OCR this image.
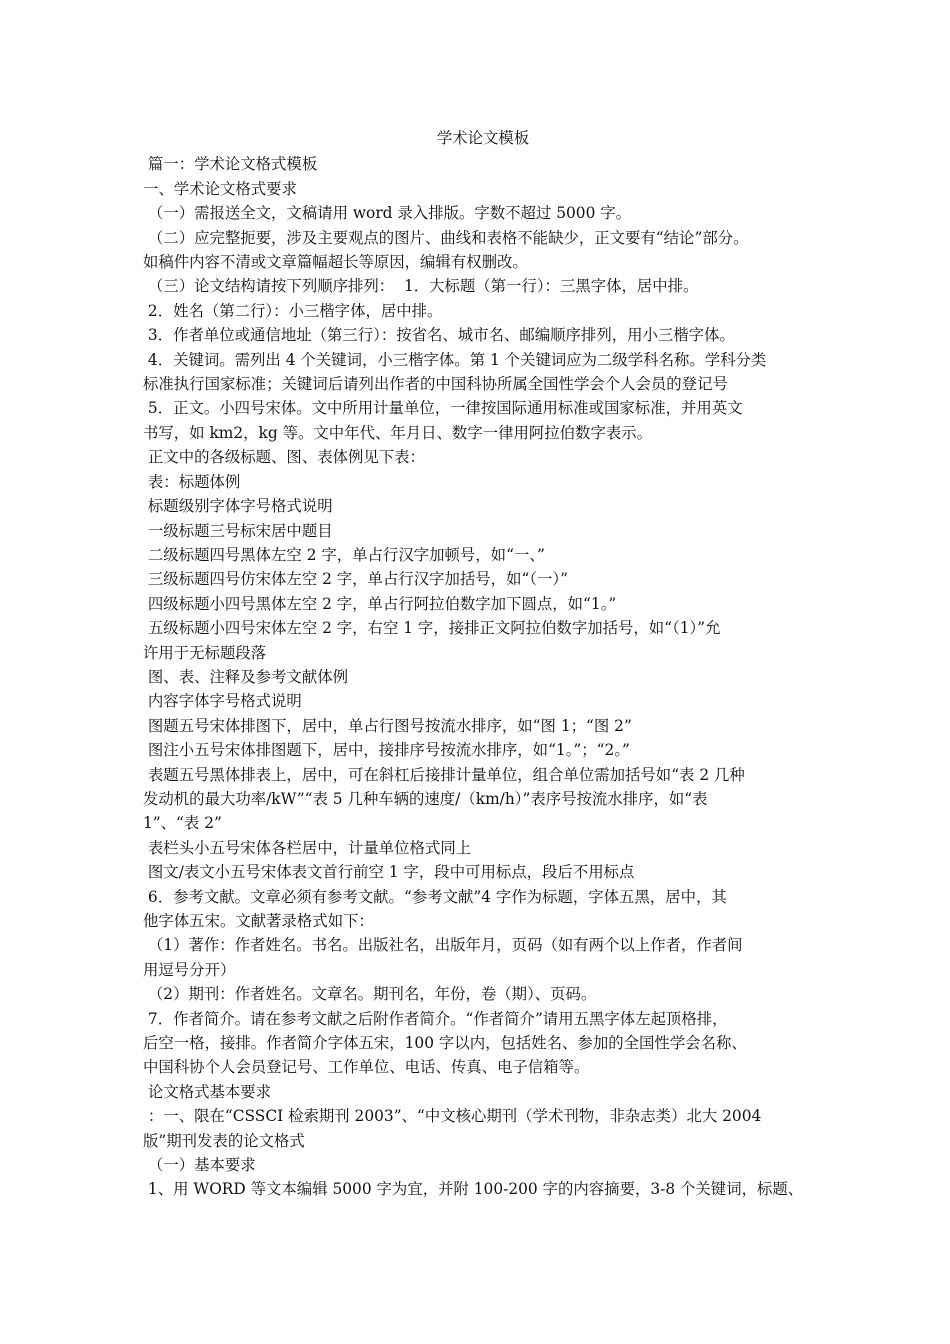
学术论文模板
篇一：学术论文格式模板
一、学术论文格式要求
（一）需报送全文，文稿请用 word 录入排版。字数不超过 5000 字。
（二）应完整扼要，涉及主要观点的图片、曲线和表格不能缺少，正文要有“结论”部分。
如稿件内容不清或文章篇幅超长等原因，编辑有权删改。
（三）论文结构请按下列顺序排列：  1．大标题（第一行）：三黑字体，居中排。
2．姓名（第二行）：小三楷字体，居中排。
3．作者单位或通信地址（第三行）：按省名、城市名、邮编顺序排列，用小三楷字体。
4．关键词。需列出 4 个关键词，小三楷字体。第 1 个关键词应为二级学科名称。学科分类
标准执行国家标准；关键词后请列出作者的中国科协所属全国性学会个人会员的登记号
5．正文。小四号宋体。文中所用计量单位，一律按国际通用标准或国家标准，并用英文
书写，如 km2，kg 等。文中年代、年月日、数字一律用阿拉伯数字表示。
正文中的各级标题、图、表体例见下表：
表：标题体例
标题级别字体字号格式说明
一级标题三号标宋居中题目
二级标题四号黑体左空 2 字，单占行汉字加顿号，如“一、”
三级标题四号仿宋体左空 2 字，单占行汉字加括号，如“（一）”
四级标题小四号黑体左空 2 字，单占行阿拉伯数字加下圆点，如“1。”
五级标题小四号宋体左空 2 字，右空 1 字，接排正文阿拉伯数字加括号，如“（1）”允
许用于无标题段落
图、表、注释及参考文献体例
内容字体字号格式说明
图题五号宋体排图下，居中，单占行图号按流水排序，如“图 1；“图 2”
图注小五号宋体排图题下，居中，接排序号按流水排序，如“1。”；“2。”
表题五号黑体排表上，居中，可在斜杠后接排计量单位，组合单位需加括号如“表 2 几种
发动机的最大功率/kW”“表 5 几种车辆的速度/（km/h）”表序号按流水排序，如“表
1”、“表 2”
表栏头小五号宋体各栏居中，计量单位格式同上
图文/表文小五号宋体表文首行前空 1 字，段中可用标点，段后不用标点
6．参考文献。文章必须有参考文献。“参考文献”4 字作为标题，字体五黑，居中，其
他字体五宋。文献著录格式如下：
（1）著作：作者姓名。书名。出版社名，出版年月，页码（如有两个以上作者，作者间
用逗号分开）
（2）期刊：作者姓名。文章名。期刊名，年份，卷（期）、页码。
7．作者简介。请在参考文献之后附作者简介。“作者简介”请用五黑字体左起顶格排，
后空一格，接排。作者简介字体五宋，100 字以内，包括姓名、参加的全国性学会名称、
中国科协个人会员登记号、工作单位、电话、传真、电子信箱等。
论文格式基本要求
：一、限在“CSSCI 检索期刊 2003”、“中文核心期刊（学术刊物，非杂志类）北大 2004
版”期刊发表的论文格式
（一）基本要求
1、用 WORD 等文本编辑 5000 字为宜，并附 100-200 字的内容摘要，3-8 个关键词，标题、
